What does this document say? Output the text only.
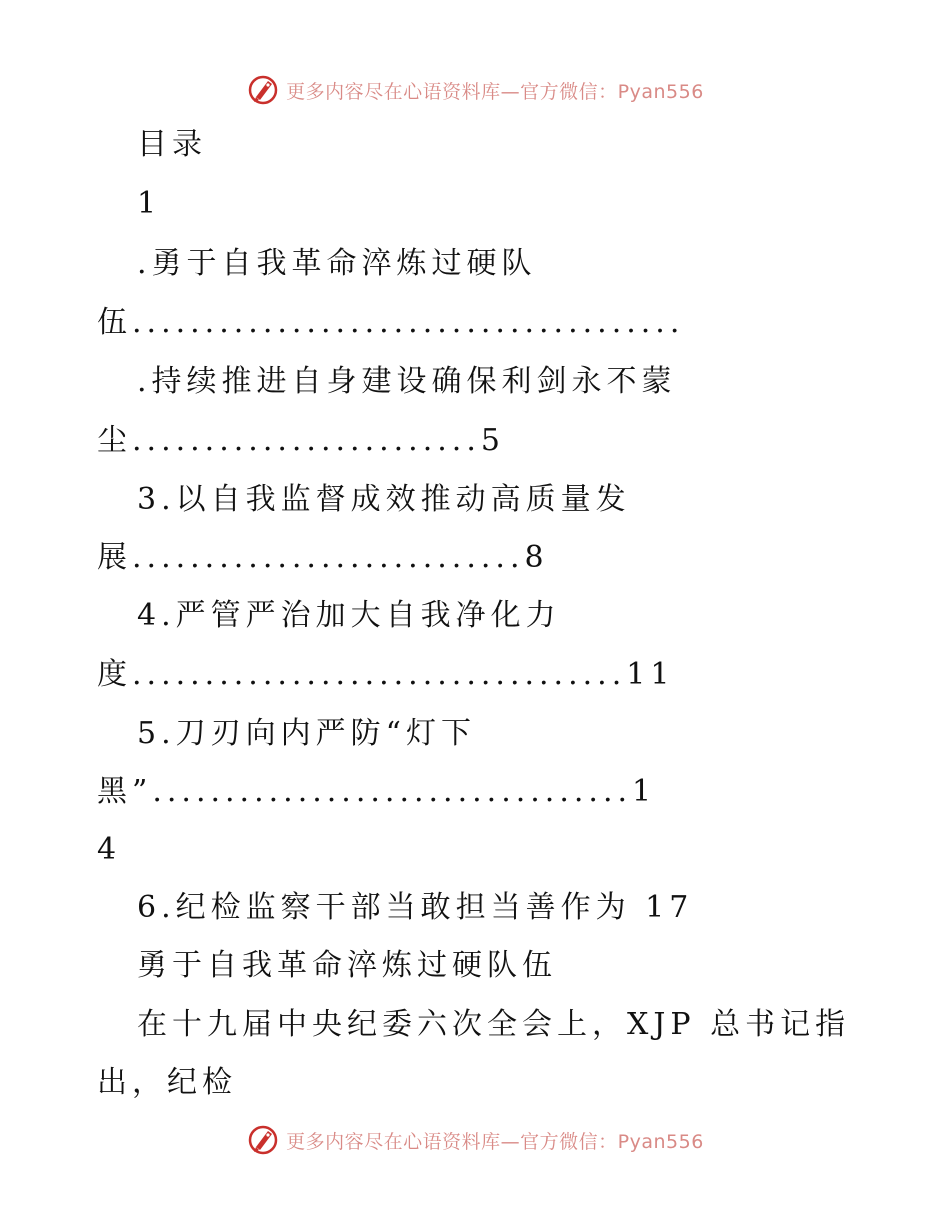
更多内容尽在心语资料库—官方微信：Pyan556
目录
1
.勇于自我革命淬炼过硬队
伍......................................
.持续推进自身建设确保利剑永不蒙
尘........................5
3.以自我监督成效推动高质量发
展...........................8
4.严管严治加大自我净化力
度..................................11
5.刀刃向内严防“灯下
黑”.................................1
4
6.纪检监察干部当敢担当善作为 17
勇于自我革命淬炼过硬队伍
在十九届中央纪委六次全会上，XJP 总书记指
出，纪检
更多内容尽在心语资料库—官方微信：Pyan556
